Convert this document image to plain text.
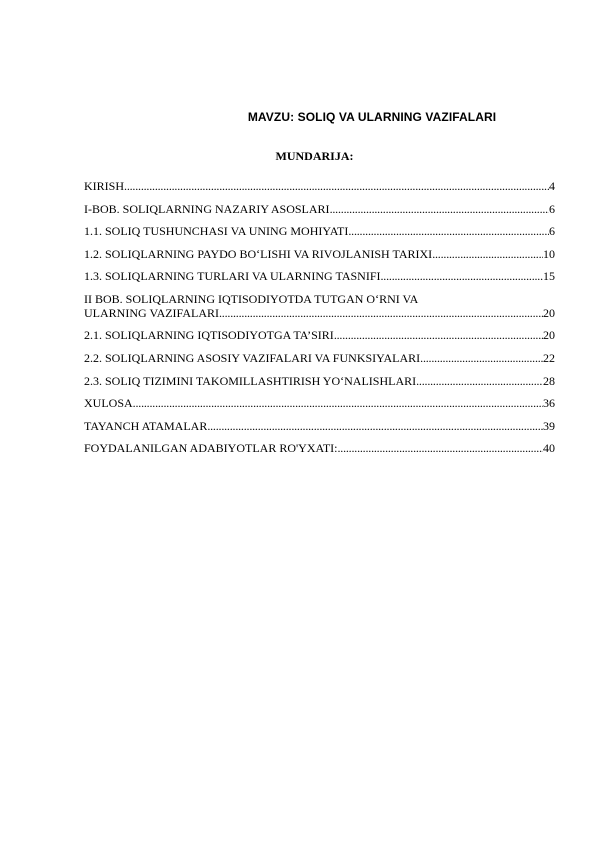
MAVZU: SOLIQ VA ULARNING VAZIFALARI
MUNDARIJA:
KIRISH .....	4
I-BOB. SOLIQLARNING NAZARIY ASOSLARI .....	6
1.1. SOLIQ TUSHUNCHASI VA UNING MOHIYATI .....	6
1.2. SOLIQLARNING PAYDO BO‘LISHI VA RIVOJLANISH TARIXI .....	10
1.3. SOLIQLARNING TURLARI VA ULARNING TASNIFI .....	15
II BOB. SOLIQLARNING IQTISODIYOTDA TUTGAN O‘RNI VA
ULARNING VAZIFALARI .....	20
2.1. SOLIQLARNING IQTISODIYOTGA TA’SIRI .....	20
2.2. SOLIQLARNING ASOSIY VAZIFALARI VA FUNKSIYALARI .....	22
2.3. SOLIQ TIZIMINI TAKOMILLASHTIRISH YO‘NALISHLARI .....	28
XULOSA .....	36
TAYANCH ATAMALAR .....	39
FOYDALANILGAN ADABIYOTLAR RO'YXATI: .....	40
